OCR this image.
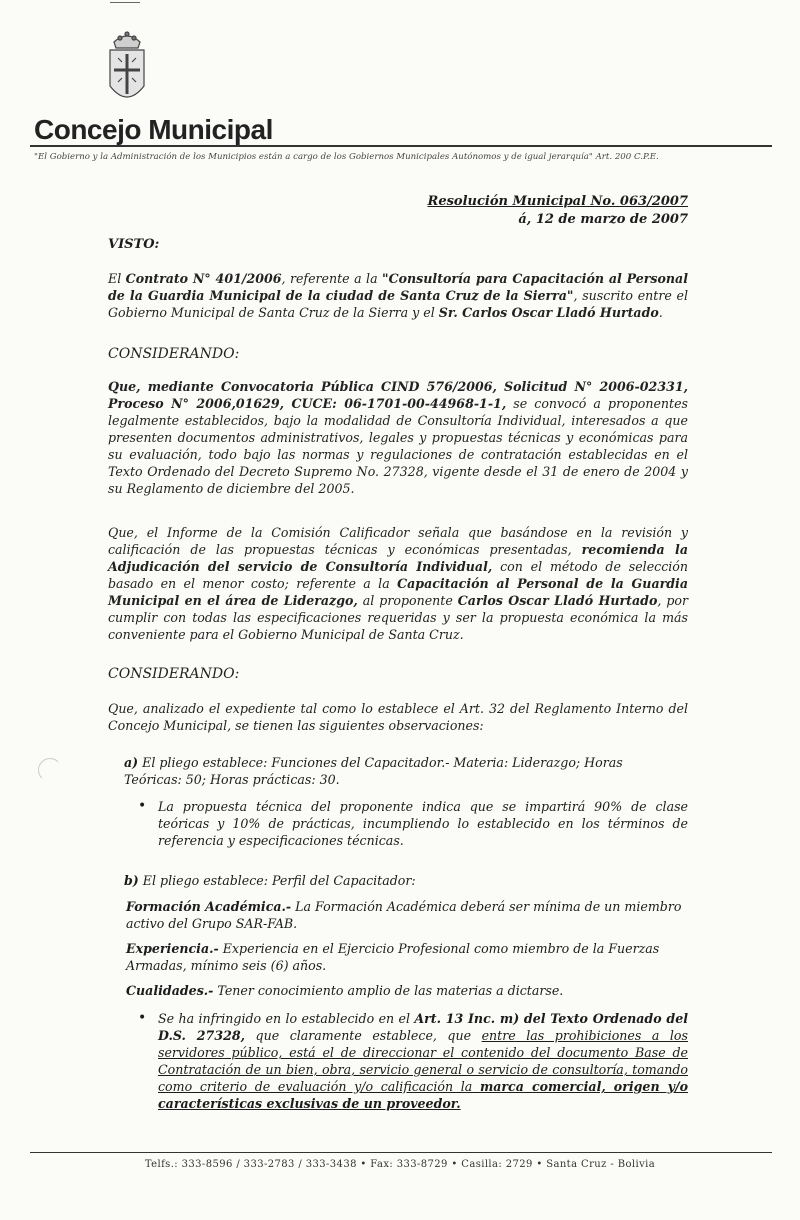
Concejo Municipal
"El Gobierno y la Administración de los Municipios están a cargo de los Gobiernos Municipales Autónomos y de igual jerarquía" Art. 200 C.P.E.
Resolución Municipal No. 063/2007
á, 12 de marzo de 2007
VISTO:
El Contrato N° 401/2006, referente a la "Consultoría para Capacitación al Personal de la Guardia Municipal de la ciudad de Santa Cruz de la Sierra", suscrito entre el Gobierno Municipal de Santa Cruz de la Sierra y el Sr. Carlos Oscar Lladó Hurtado.
CONSIDERANDO:
Que, mediante Convocatoria Pública CIND 576/2006, Solicitud N° 2006-02331, Proceso N° 2006,01629, CUCE: 06-1701-00-44968-1-1, se convocó a proponentes legalmente establecidos, bajo la modalidad de Consultoría Individual, interesados a que presenten documentos administrativos, legales y propuestas técnicas y económicas para su evaluación, todo bajo las normas y regulaciones de contratación establecidas en el Texto Ordenado del Decreto Supremo No. 27328, vigente desde el 31 de enero de 2004 y su Reglamento de diciembre del 2005.
Que, el Informe de la Comisión Calificador señala que basándose en la revisión y calificación de las propuestas técnicas y económicas presentadas, recomienda la Adjudicación del servicio de Consultoría Individual, con el método de selección basado en el menor costo; referente a la Capacitación al Personal de la Guardia Municipal en el área de Liderazgo, al proponente Carlos Oscar Lladó Hurtado, por cumplir con todas las especificaciones requeridas y ser la propuesta económica la más conveniente para el Gobierno Municipal de Santa Cruz.
CONSIDERANDO:
Que, analizado el expediente tal como lo establece el Art. 32 del Reglamento Interno del Concejo Municipal, se tienen las siguientes observaciones:
a) El pliego establece: Funciones del Capacitador.- Materia: Liderazgo; Horas Teóricas: 50; Horas prácticas: 30.
• La propuesta técnica del proponente indica que se impartirá 90% de clase teóricas y 10% de prácticas, incumpliendo lo establecido en los términos de referencia y especificaciones técnicas.
b) El pliego establece: Perfil del Capacitador:
Formación Académica.- La Formación Académica deberá ser mínima de un miembro activo del Grupo SAR-FAB.
Experiencia.- Experiencia en el Ejercicio Profesional como miembro de la Fuerzas Armadas, mínimo seis (6) años.
Cualidades.- Tener conocimiento amplio de las materias a dictarse.
• Se ha infringido en lo establecido en el Art. 13 Inc. m) del Texto Ordenado del D.S. 27328, que claramente establece, que entre las prohibiciones a los servidores público, está el de direccionar el contenido del documento Base de Contratación de un bien, obra, servicio general o servicio de consultoría, tomando como criterio de evaluación y/o calificación la marca comercial, origen y/o características exclusivas de un proveedor.
Telfs.: 333-8596 / 333-2783 / 333-3438 • Fax: 333-8729 • Casilla: 2729 • Santa Cruz - Bolivia
